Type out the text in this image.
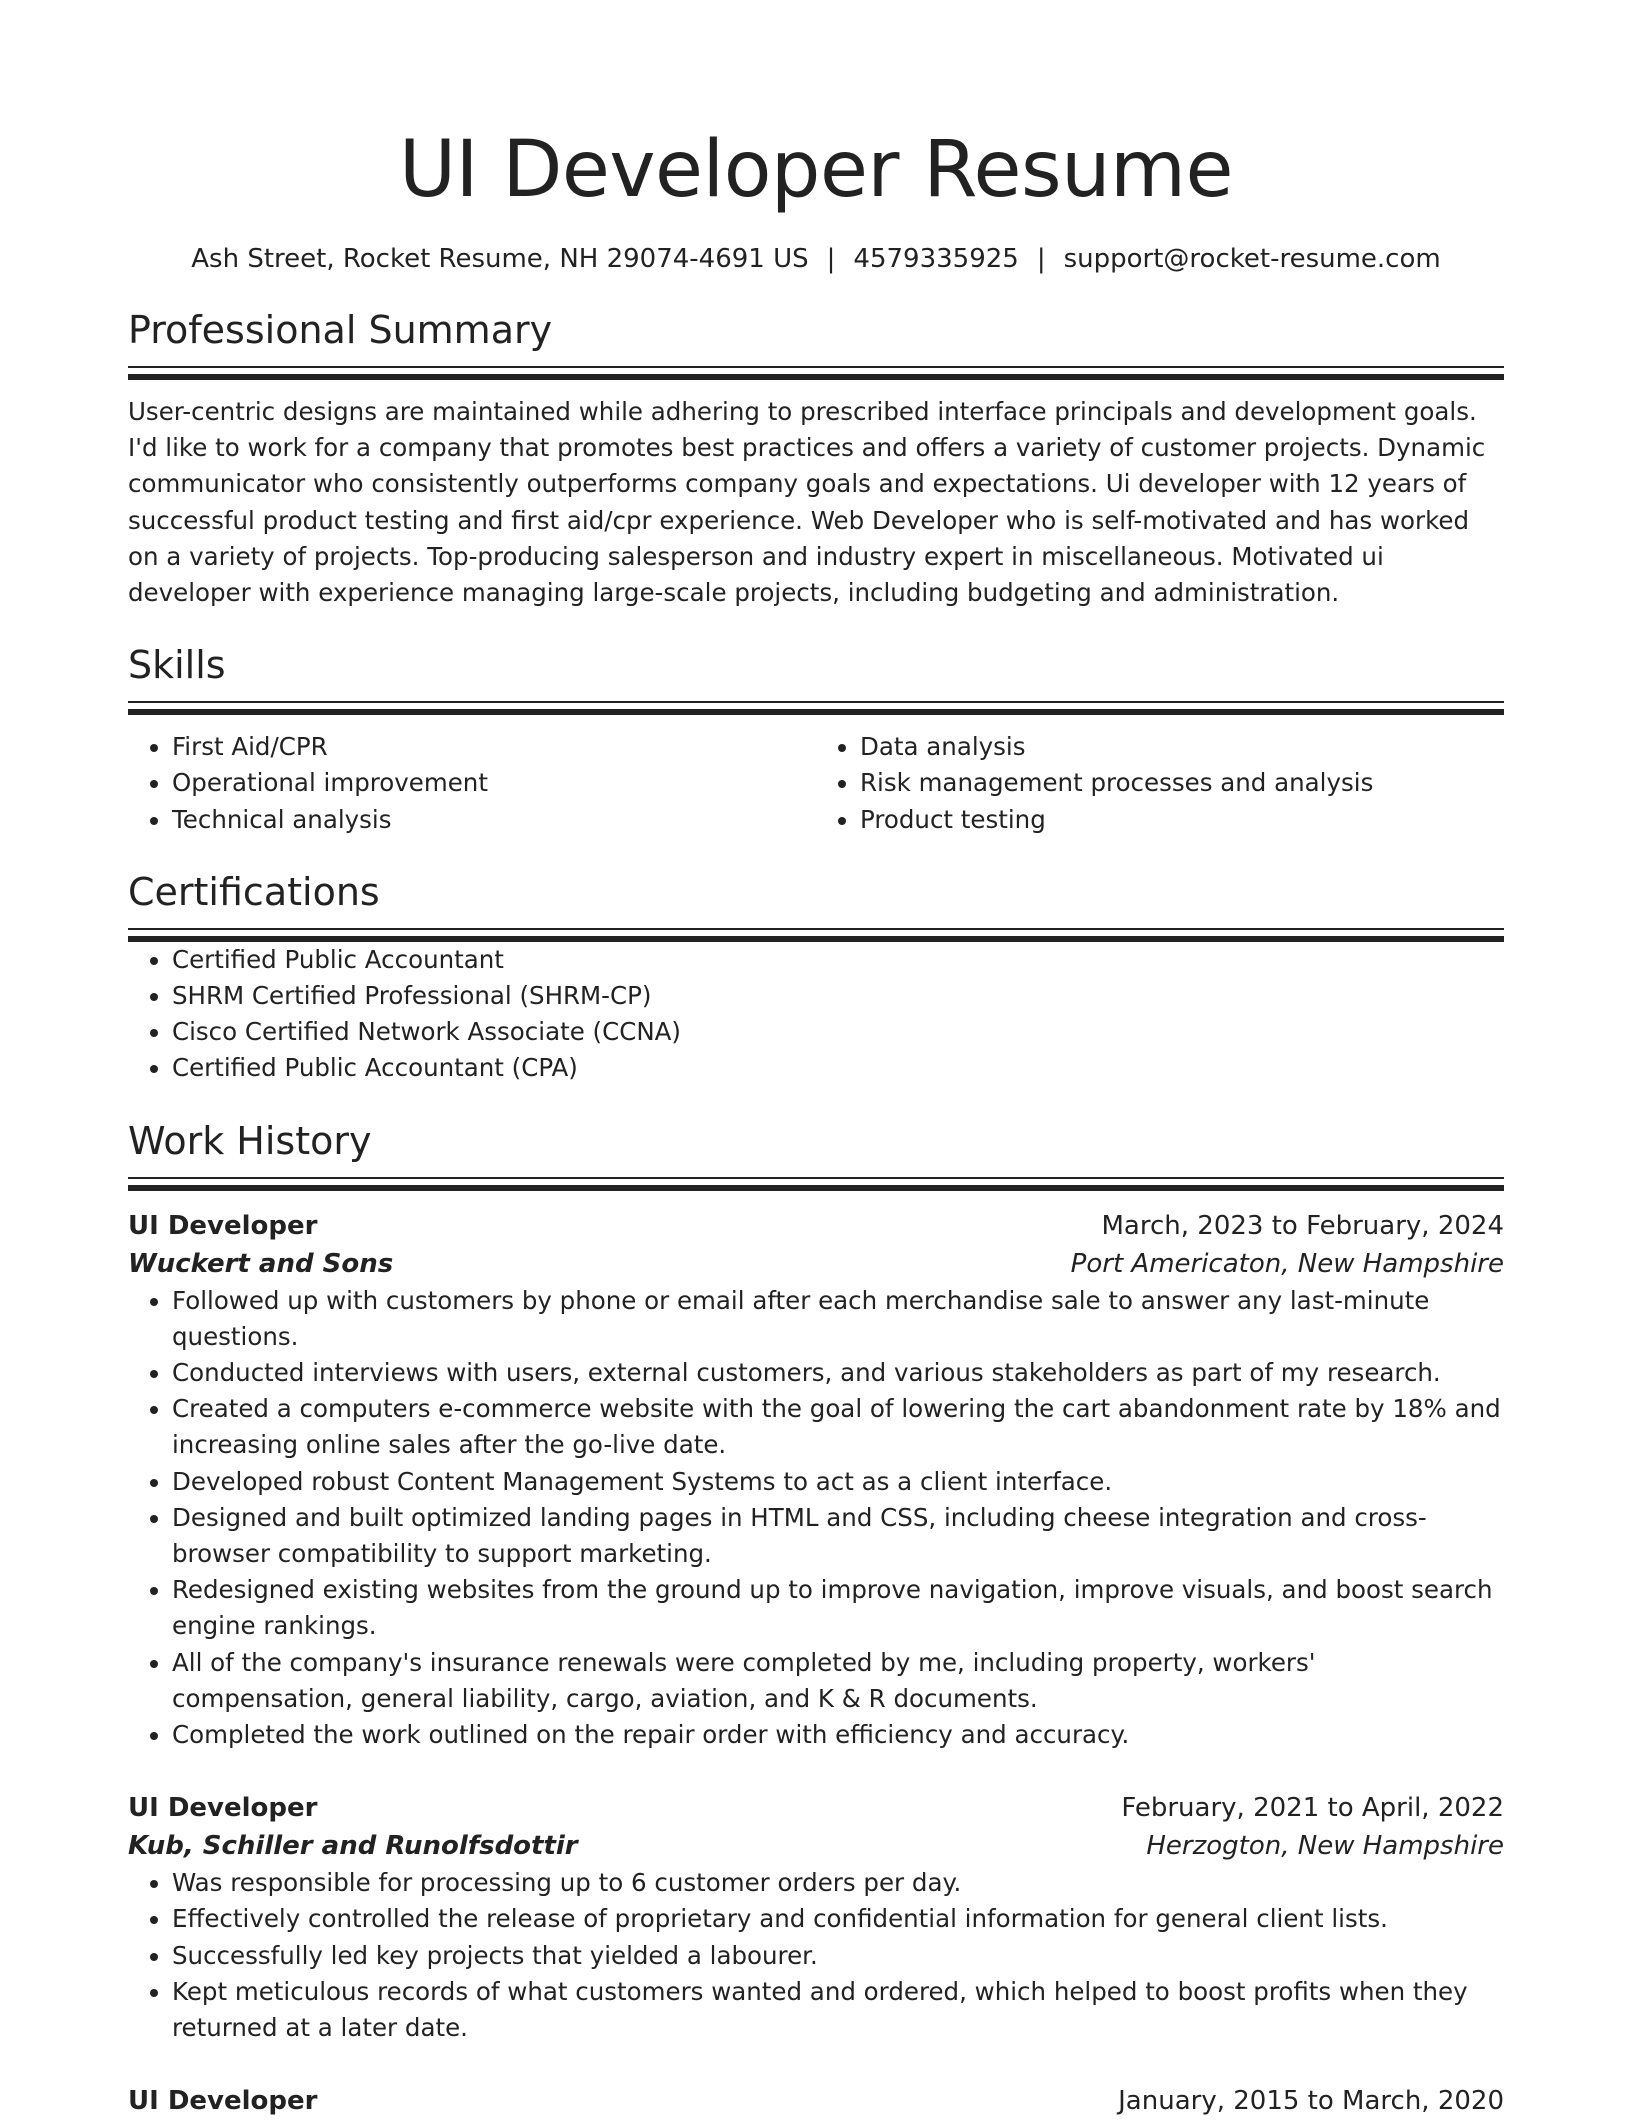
UI Developer Resume
Ash Street, Rocket Resume, NH 29074-4691 US | 4579335925 | support@rocket-resume.com
Professional Summary

User-centric designs are maintained while adhering to prescribed interface principals and development goals. I'd like to work for a company that promotes best practices and offers a variety of customer projects. Dynamic communicator who consistently outperforms company goals and expectations. Ui developer with 12 years of successful product testing and first aid/cpr experience. Web Developer who is self-motivated and has worked on a variety of projects. Top-producing salesperson and industry expert in miscellaneous. Motivated ui developer with experience managing large-scale projects, including budgeting and administration.

Skills
• First Aid/CPR
• Operational improvement
• Technical analysis
• Data analysis
• Risk management processes and analysis
• Product testing
Certifications
• Certified Public Accountant
• SHRM Certified Professional (SHRM-CP)
• Cisco Certified Network Associate (CCNA)
• Certified Public Accountant (CPA)
Work History
UI Developer	March, 2023 to February, 2024
Wuckert and Sons	Port Americaton, New Hampshire
• Followed up with customers by phone or email after each merchandise sale to answer any last-minute questions.
• Conducted interviews with users, external customers, and various stakeholders as part of my research.
• Created a computers e-commerce website with the goal of lowering the cart abandonment rate by 18% and increasing online sales after the go-live date.
• Developed robust Content Management Systems to act as a client interface.
• Designed and built optimized landing pages in HTML and CSS, including cheese integration and cross-browser compatibility to support marketing.
• Redesigned existing websites from the ground up to improve navigation, improve visuals, and boost search engine rankings.
• All of the company's insurance renewals were completed by me, including property, workers' compensation, general liability, cargo, aviation, and K & R documents.
• Completed the work outlined on the repair order with efficiency and accuracy.
UI Developer	February, 2021 to April, 2022
Kub, Schiller and Runolfsdottir	Herzogton, New Hampshire
• Was responsible for processing up to 6 customer orders per day.
• Effectively controlled the release of proprietary and confidential information for general client lists.
• Successfully led key projects that yielded a labourer.
• Kept meticulous records of what customers wanted and ordered, which helped to boost profits when they returned at a later date.
UI Developer	January, 2015 to March, 2020
